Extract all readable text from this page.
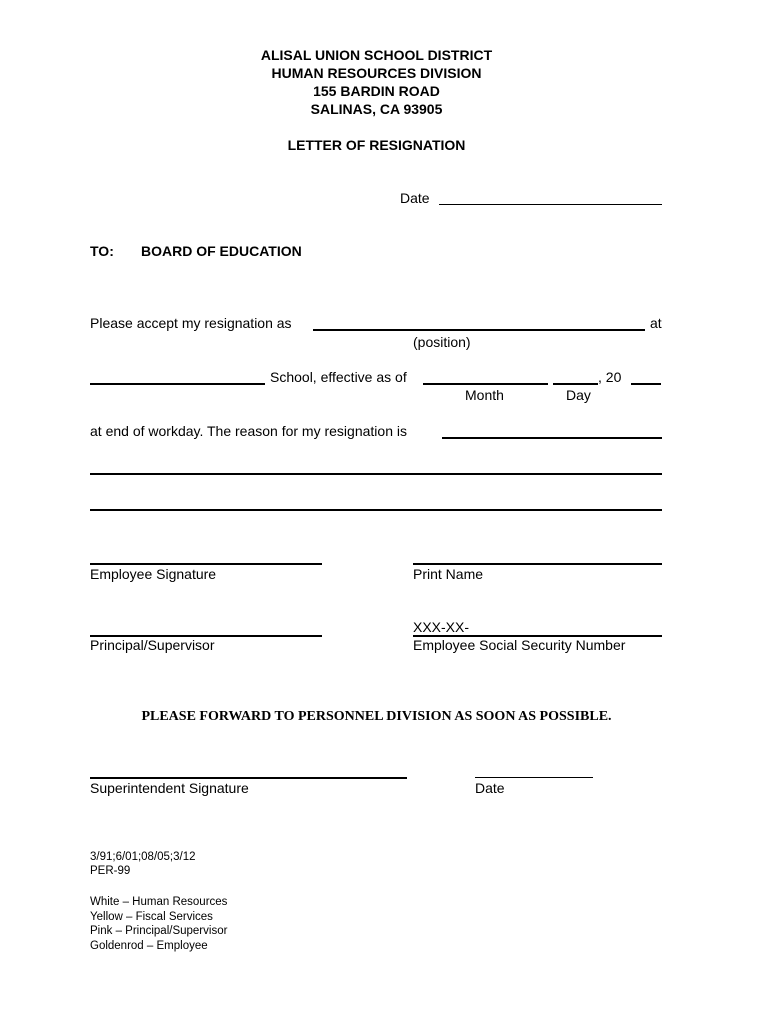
ALISAL UNION SCHOOL DISTRICT
HUMAN RESOURCES DIVISION
155 BARDIN ROAD
SALINAS, CA 93905
LETTER OF RESIGNATION
Date
TO: BOARD OF EDUCATION
Please accept my resignation as	at
(position)
School, effective as of	, 20
Month	Day
at end of workday. The reason for my resignation is
Employee Signature	Print Name
Principal/Supervisor
XXX-XX-
Employee Social Security Number
PLEASE FORWARD TO PERSONNEL DIVISION AS SOON AS POSSIBLE.
Superintendent Signature	Date
3/91;6/01;08/05;3/12
PER-99
White – Human Resources
Yellow – Fiscal Services
Pink – Principal/Supervisor
Goldenrod – Employee
